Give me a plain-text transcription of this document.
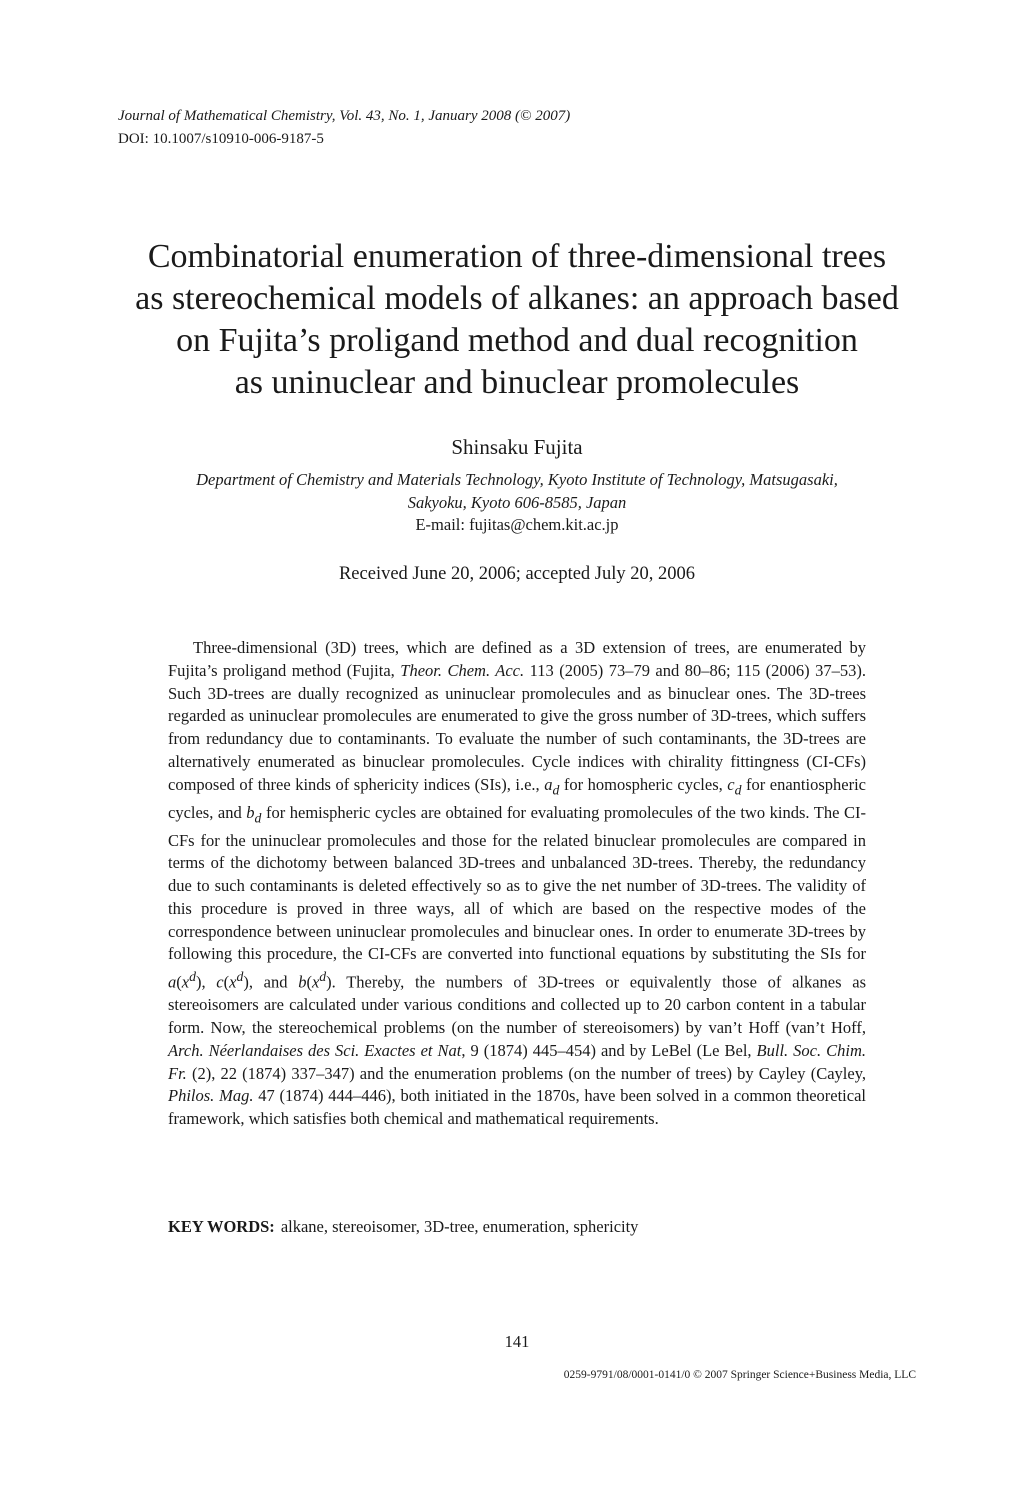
Journal of Mathematical Chemistry, Vol. 43, No. 1, January 2008 (© 2007)
DOI: 10.1007/s10910-006-9187-5
Combinatorial enumeration of three-dimensional trees
as stereochemical models of alkanes: an approach based
on Fujita’s proligand method and dual recognition
as uninuclear and binuclear promolecules
Shinsaku Fujita
Department of Chemistry and Materials Technology, Kyoto Institute of Technology, Matsugasaki,
Sakyoku, Kyoto 606-8585, Japan
E-mail: fujitas@chem.kit.ac.jp
Received June 20, 2006; accepted July 20, 2006

Three-dimensional (3D) trees, which are defined as a 3D extension of trees, are enumerated by Fujita’s proligand method (Fujita, Theor. Chem. Acc. 113 (2005) 73–79 and 80–86; 115 (2006) 37–53). Such 3D-trees are dually recognized as uninuclear promolecules and as binuclear ones. The 3D-trees regarded as uninuclear promolecules are enumerated to give the gross number of 3D-trees, which suffers from redundancy due to contaminants. To evaluate the number of such contaminants, the 3D-trees are alternatively enumerated as binuclear promolecules. Cycle indices with chirality fittingness (CI-CFs) composed of three kinds of sphericity indices (SIs), i.e., $a_d$ for homospheric cycles, $c_d$ for enantiospheric cycles, and $b_d$ for hemispheric cycles are obtained for evaluating promolecules of the two kinds. The CI-CFs for the uninuclear promolecules and those for the related binuclear promolecules are compared in terms of the dichotomy between balanced 3D-trees and unbalanced 3D-trees. Thereby, the redundancy due to such contaminants is deleted effectively so as to give the net number of 3D-trees. The validity of this procedure is proved in three ways, all of which are based on the respective modes of the correspondence between uninuclear promolecules and binuclear ones. In order to enumerate 3D-trees by following this procedure, the CI-CFs are converted into functional equations by substituting the SIs for $a(x^d)$, $c(x^d)$, and $b(x^d)$. Thereby, the numbers of 3D-trees or equivalently those of alkanes as stereoisomers are calculated under various conditions and collected up to 20 carbon content in a tabular form. Now, the stereochemical problems (on the number of stereoisomers) by van’t Hoff (van’t Hoff, Arch. Néerlandaises des Sci. Exactes et Nat, 9 (1874) 445–454) and by LeBel (Le Bel, Bull. Soc. Chim. Fr. (2), 22 (1874) 337–347) and the enumeration problems (on the number of trees) by Cayley (Cayley, Philos. Mag. 47 (1874) 444–446), both initiated in the 1870s, have been solved in a common theoretical framework, which satisfies both chemical and mathematical requirements.

KEY WORDS: alkane, stereoisomer, 3D-tree, enumeration, sphericity
141
0259-9791/08/0001-0141/0 © 2007 Springer Science+Business Media, LLC
